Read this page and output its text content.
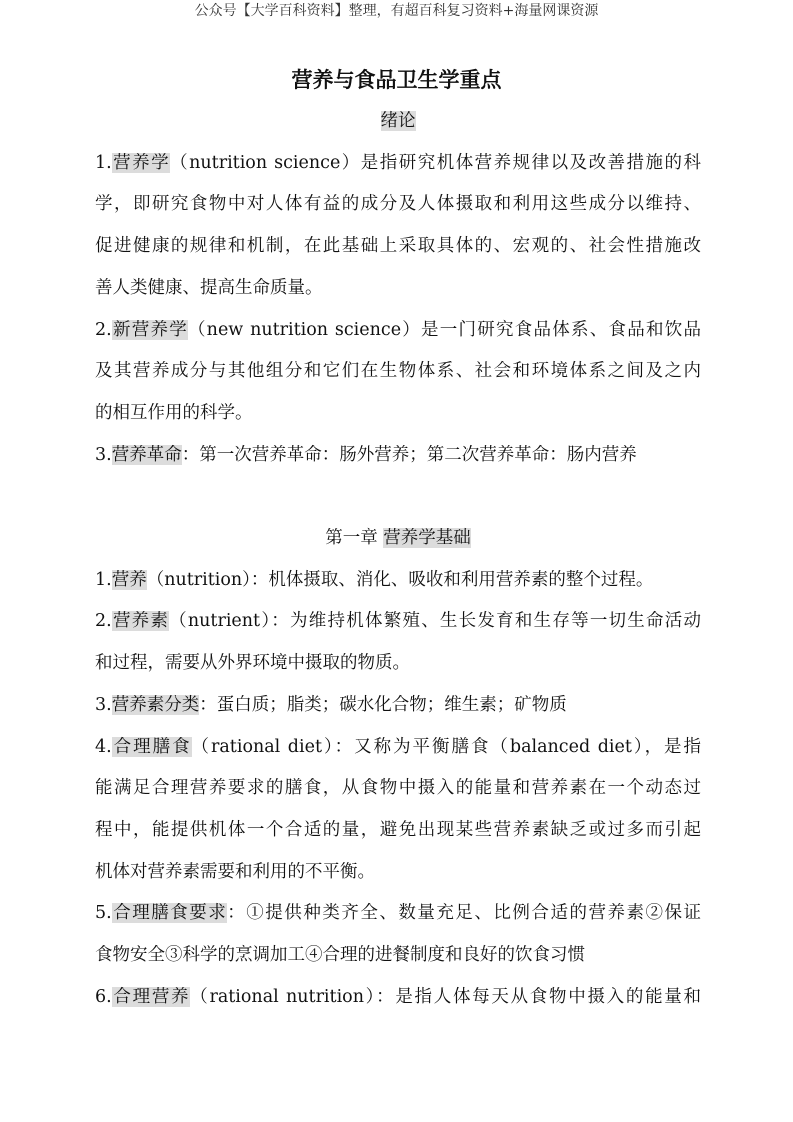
公众号【大学百科资料】整理，有超百科复习资料+海量网课资源
营养与食品卫生学重点
绪论
1.营养学（nutrition science）是指研究机体营养规律以及改善措施的科
学，即研究食物中对人体有益的成分及人体摄取和利用这些成分以维持、
促进健康的规律和机制，在此基础上采取具体的、宏观的、社会性措施改
善人类健康、提高生命质量。
2.新营养学（new nutrition science）是一门研究食品体系、食品和饮品
及其营养成分与其他组分和它们在生物体系、社会和环境体系之间及之内
的相互作用的科学。
3.营养革命：第一次营养革命：肠外营养；第二次营养革命：肠内营养
第一章 营养学基础
1.营养（nutrition）：机体摄取、消化、吸收和利用营养素的整个过程。
2.营养素（nutrient）：为维持机体繁殖、生长发育和生存等一切生命活动
和过程，需要从外界环境中摄取的物质。
3.营养素分类：蛋白质；脂类；碳水化合物；维生素；矿物质
4.合理膳食（rational diet）：又称为平衡膳食（balanced diet），是指
能满足合理营养要求的膳食，从食物中摄入的能量和营养素在一个动态过
程中，能提供机体一个合适的量，避免出现某些营养素缺乏或过多而引起
机体对营养素需要和利用的不平衡。
5.合理膳食要求：①提供种类齐全、数量充足、比例合适的营养素②保证
食物安全③科学的烹调加工④合理的进餐制度和良好的饮食习惯
6.合理营养（rational nutrition）：是指人体每天从食物中摄入的能量和
